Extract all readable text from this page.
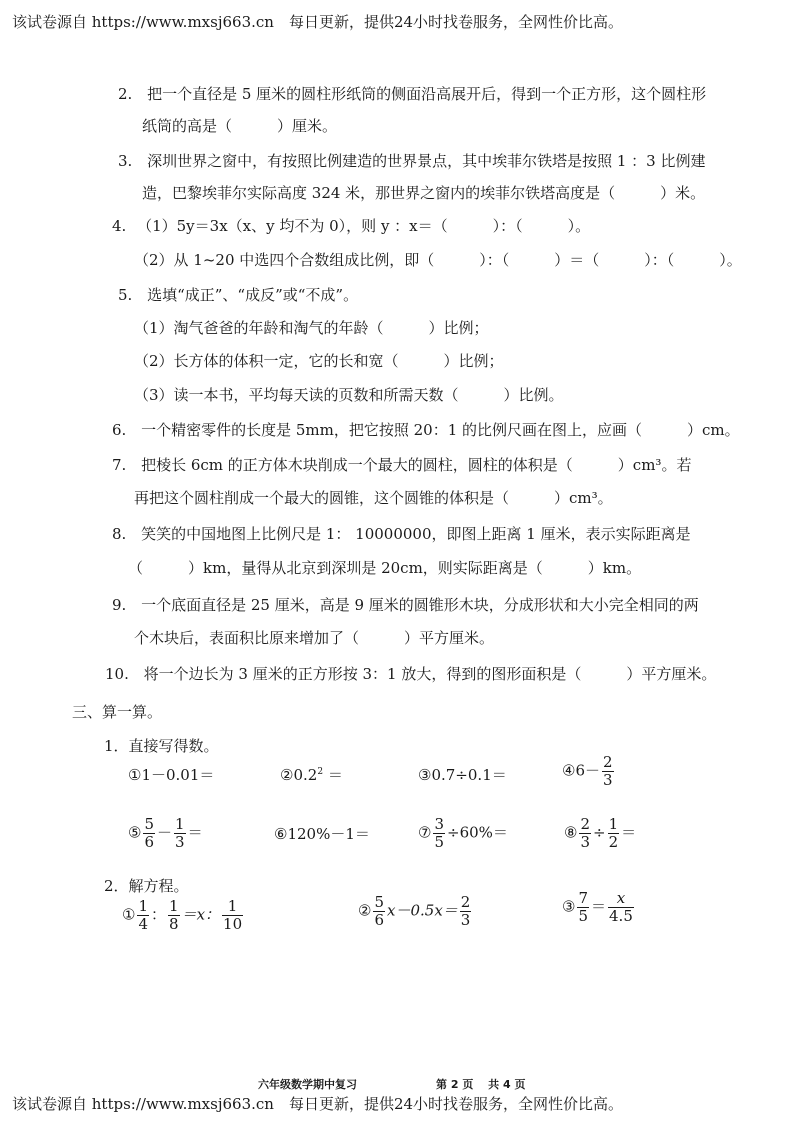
该试卷源自 https://www.mxsj663.cn　每日更新，提供24小时找卷服务，全网性价比高。
2. 把一个直径是 5 厘米的圆柱形纸筒的侧面沿高展开后，得到一个正方形，这个圆柱形
纸筒的高是（　　　）厘米。
3. 深圳世界之窗中，有按照比例建造的世界景点，其中埃菲尔铁塔是按照 1 ：3 比例建
造，巴黎埃菲尔实际高度 324 米，那世界之窗内的埃菲尔铁塔高度是（　　　）米。
4. （1）5y＝3x（x、y 均不为 0），则 y ：x＝（　　　）：（　　　）。
（2）从 1~20 中选四个合数组成比例，即（　　　）：（　　　）＝（　　　）：（　　　）。
5. 选填“成正”、“成反”或“不成”。
（1）淘气爸爸的年龄和淘气的年龄（　　　）比例；
（2）长方体的体积一定，它的长和宽（　　　）比例；
（3）读一本书，平均每天读的页数和所需天数（　　　）比例。
6. 一个精密零件的长度是 5mm，把它按照 20：1 的比例尺画在图上，应画（　　　）cm。
7. 把棱长 6cm 的正方体木块削成一个最大的圆柱，圆柱的体积是（　　　）cm³。若
再把这个圆柱削成一个最大的圆锥，这个圆锥的体积是（　　　）cm³。
8. 笑笑的中国地图上比例尺是 1： 10000000，即图上距离 1 厘米，表示实际距离是
（　　　）km，量得从北京到深圳是 20cm，则实际距离是（　　　）km。
9. 一个底面直径是 25 厘米，高是 9 厘米的圆锥形木块，分成形状和大小完全相同的两
个木块后，表面积比原来增加了（　　　）平方厘米。
10. 将一个边长为 3 厘米的正方形按 3：1 放大，得到的图形面积是（　　　）平方厘米。
三、算一算。
1．直接写得数。
①1－0.01＝	$②0.2^2$ ＝	③0.7÷0.1＝	④6－ $\frac{2}{3}$
⑤ $\frac{5}{6} - \frac{1}{3}$ ＝	⑥120%－1＝	⑦ $\frac{3}{5} \div 60\%=$	⑧ $\frac{2}{3} \div \frac{1}{2}$ ＝
2．解方程。
① $\frac{1}{4}$ ： $\frac{1}{8} =x$： $\frac{1}{10}$	② $\frac{5}{6} x-0.5x= \frac{2}{3}$	③ $\frac{7}{5} = \frac{x}{4.5}$
六年级数学期中复习	第 2 页　 共 4 页
该试卷源自 https://www.mxsj663.cn　每日更新，提供24小时找卷服务，全网性价比高。
